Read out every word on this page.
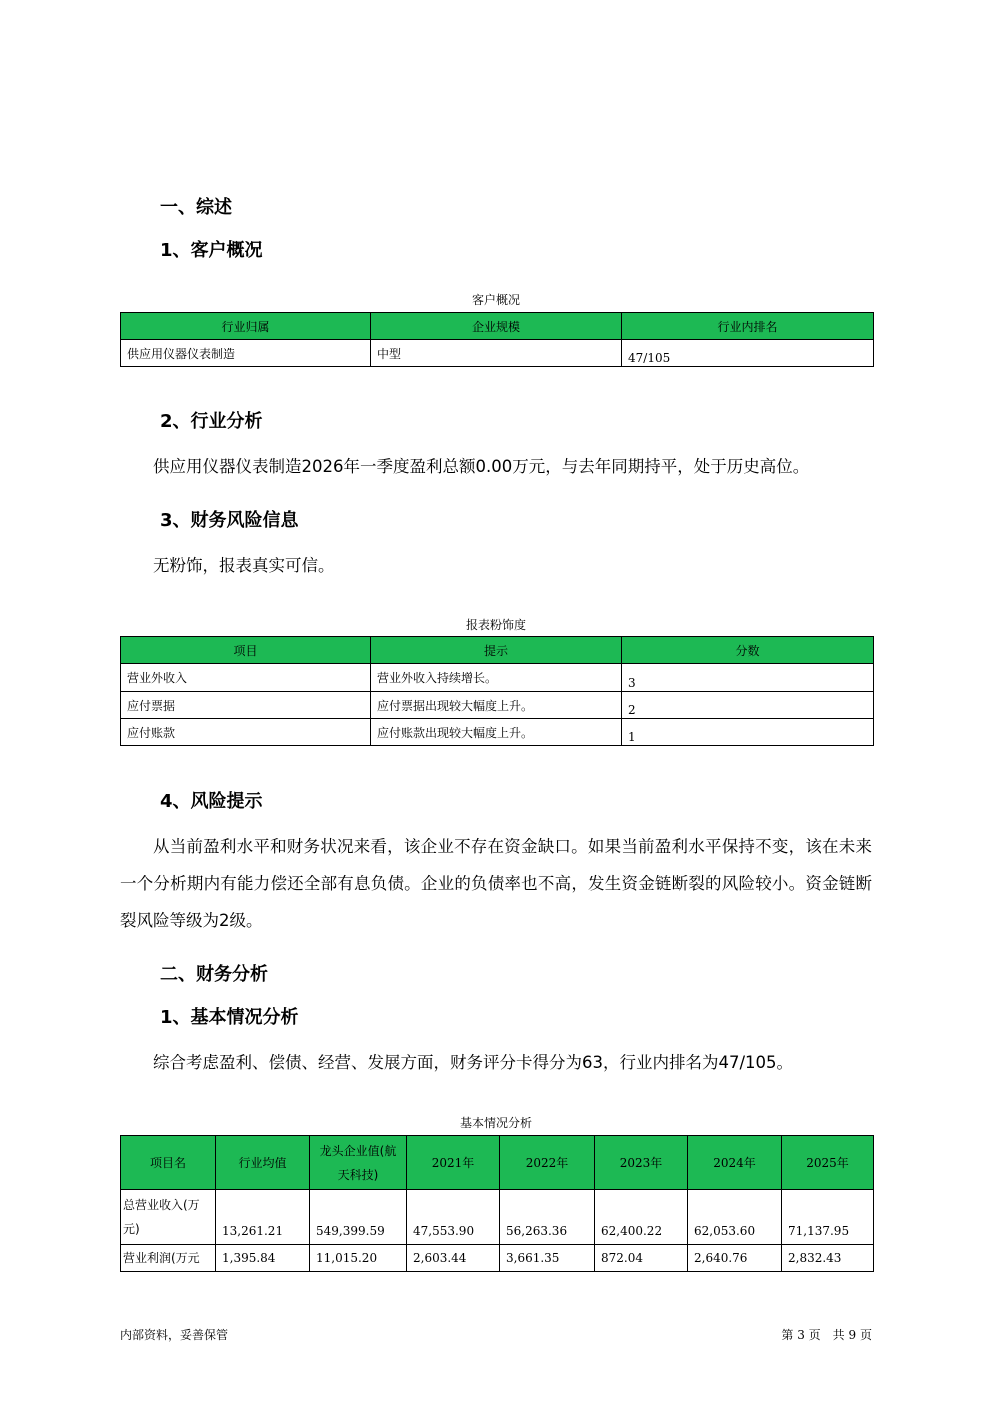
一、综述
1、客户概况
客户概况
行业归属	企业规模	行业内排名
供应用仪器仪表制造	中型	47/105
2、行业分析

供应用仪器仪表制造2026年一季度盈利总额0.00万元，与去年同期持平，处于历史高位。

3、财务风险信息

无粉饰，报表真实可信。

报表粉饰度
项目	提示	分数
营业外收入	营业外收入持续增长。	3
应付票据	应付票据出现较大幅度上升。	2
应付账款	应付账款出现较大幅度上升。	1
4、风险提示

从当前盈利水平和财务状况来看，该企业不存在资金缺口。如果当前盈利水平保持不变，该在未来一个分析期内有能力偿还全部有息负债。企业的负债率也不高，发生资金链断裂的风险较小。资金链断裂风险等级为2级。

二、财务分析
1、基本情况分析

综合考虑盈利、偿债、经营、发展方面，财务评分卡得分为63，行业内排名为47/105。

基本情况分析
项目名	行业均值	龙头企业值(航天科技)	2021年	2022年	2023年	2024年	2025年
总营业收入(万元)	13,261.21	549,399.59	47,553.90	56,263.36	62,400.22	62,053.60	71,137.95
营业利润(万元	1,395.84	11,015.20	2,603.44	3,661.35	872.04	2,640.76	2,832.43
内部资料，妥善保管	第 3 页　共 9 页
